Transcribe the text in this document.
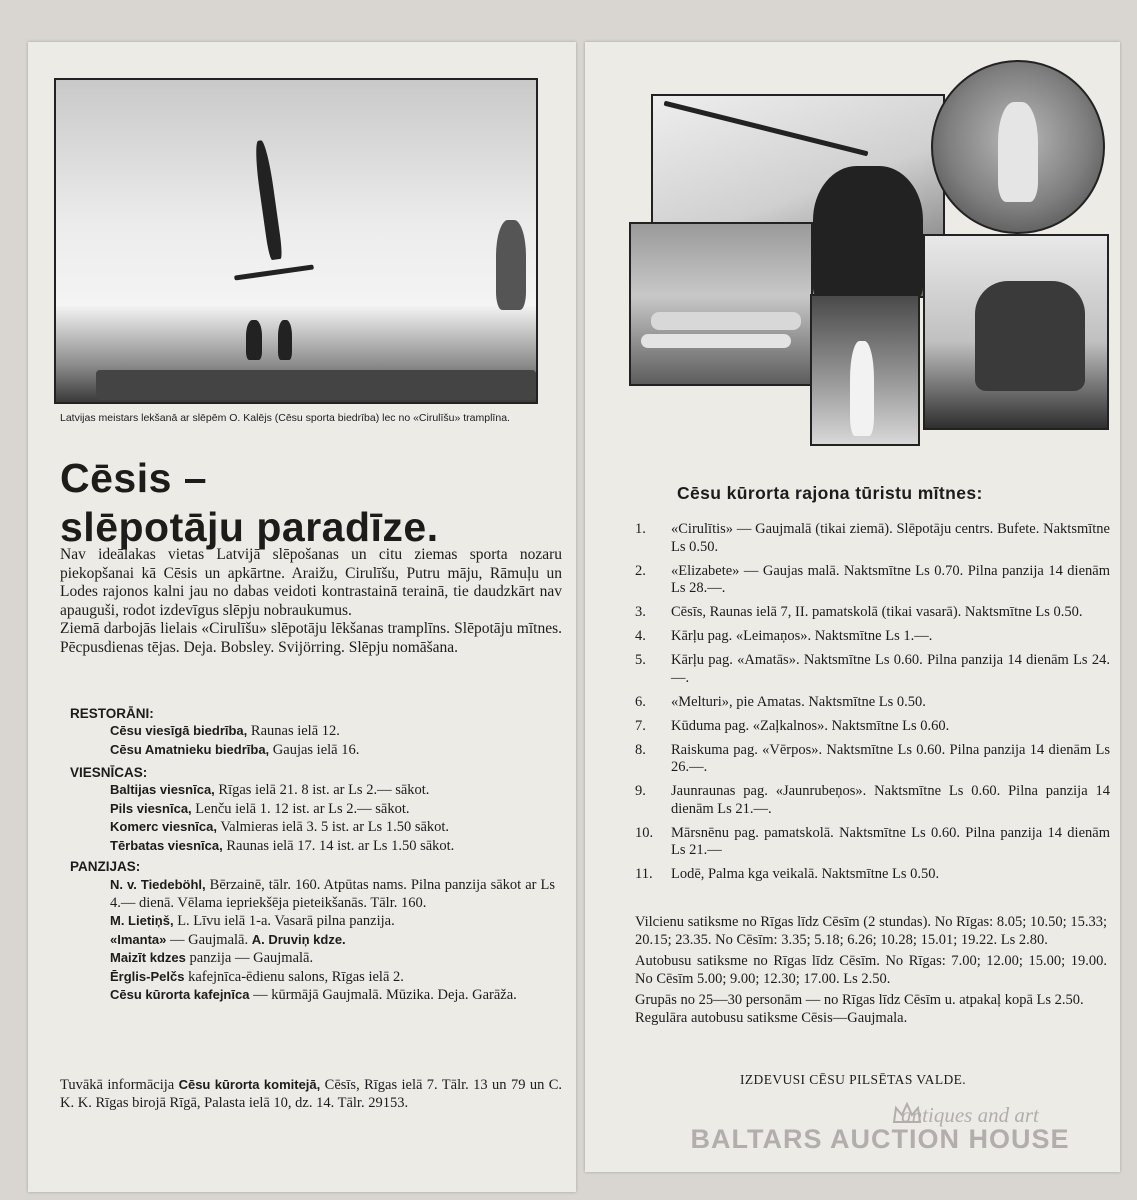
Latvijas meistars lekšanā ar slēpēm O. Kalējs (Cēsu sporta biedrība) lec no «Cirulīšu» tramplīna.
Cēsis –
slēpotāju paradīze.
Nav ideālakas vietas Latvijā slēpošanas un citu ziemas sporta nozaru piekopšanai kā Cēsis un apkārtne. Araižu, Cirulīšu, Putru māju, Rāmuļu un Lodes rajonos kalni jau no dabas veidoti kontrastainā terainā, tie daudzkārt nav apauguši, rodot izdevīgus slēpju nobraukumus.
Ziemā darbojās lielais «Cirulīšu» slēpotāju lēkšanas tramplīns. Slēpotāju mītnes. Pēcpusdienas tējas. Deja. Bobsley. Svijörring. Slēpju nomāšana.
RESTORĀNI:
Cēsu viesīgā biedrība, Raunas ielā 12.
Cēsu Amatnieku biedrība, Gaujas ielā 16.
VIESNĪCAS:
Baltijas viesnīca, Rīgas ielā 21. 8 ist. ar Ls 2.— sākot.
Pils viesnīca, Lenču ielā 1. 12 ist. ar Ls 2.— sākot.
Komerc viesnīca, Valmieras ielā 3. 5 ist. ar Ls 1.50 sākot.
Tērbatas viesnīca, Raunas ielā 17. 14 ist. ar Ls 1.50 sākot.
PANZIJAS:
N. v. Tiedeböhl, Bērzainē, tālr. 160. Atpūtas nams. Pilna panzija sākot ar Ls 4.— dienā. Vēlama iepriekšēja pieteikšanās. Tālr. 160.
M. Lietiņš, L. Līvu ielā 1-a. Vasarā pilna panzija.
«Imanta» — Gaujmalā. A. Druviņ kdze.
Maizīt kdzes panzija — Gaujmalā.
Ērglis-Pelčs kafejnīca-ēdienu salons, Rīgas ielā 2.
Cēsu kūrorta kafejnīca — kūrmājā Gaujmalā. Mūzika. Deja. Garāža.
Tuvākā informācija Cēsu kūrorta komitejā, Cēsīs, Rīgas ielā 7. Tālr. 13 un 79 un C. K. K. Rīgas birojā Rīgā, Palasta ielā 10, dz. 14. Tālr. 29153.
Cēsu kūrorta rajona tūristu mītnes:
1. «Cirulītis» — Gaujmalā (tikai ziemā). Slēpotāju centrs. Bufete. Naktsmītne Ls 0.50.
2. «Elizabete» — Gaujas malā. Naktsmītne Ls 0.70. Pilna panzija 14 dienām Ls 28.—.
3. Cēsīs, Raunas ielā 7, II. pamatskolā (tikai vasarā). Naktsmītne Ls 0.50.
4. Kārļu pag. «Leimaņos». Naktsmītne Ls 1.—.
5. Kārļu pag. «Amatās». Naktsmītne Ls 0.60. Pilna panzija 14 dienām Ls 24.—.
6. «Melturi», pie Amatas. Naktsmītne Ls 0.50.
7. Kūduma pag. «Zaļkalnos». Naktsmītne Ls 0.60.
8. Raiskuma pag. «Vērpos». Naktsmītne Ls 0.60. Pilna panzija 14 dienām Ls 26.—.
9. Jaunraunas pag. «Jaunrubeņos». Naktsmītne Ls 0.60. Pilna panzija 14 dienām Ls 21.—.
10. Mārsnēnu pag. pamatskolā. Naktsmītne Ls 0.60. Pilna panzija 14 dienām Ls 21.—
11. Lodē, Palma kga veikalā. Naktsmītne Ls 0.50.

Vilcienu satiksme no Rīgas līdz Cēsīm (2 stundas). No Rīgas: 8.05; 10.50; 15.33; 20.15; 23.35. No Cēsīm: 3.35; 5.18; 6.26; 10.28; 15.01; 19.22. Ls 2.80.

Autobusu satiksme no Rīgas līdz Cēsīm. No Rīgas: 7.00; 12.00; 15.00; 19.00. No Cēsīm 5.00; 9.00; 12.30; 17.00. Ls 2.50.

Grupās no 25—30 personām — no Rīgas līdz Cēsīm u. atpakaļ kopā Ls 2.50.

Regulāra autobusu satiksme Cēsis—Gaujmala.

IZDEVUSI CĒSU PILSĒTAS VALDE.
antiques and art
BALTARS AUCTION HOUSE
